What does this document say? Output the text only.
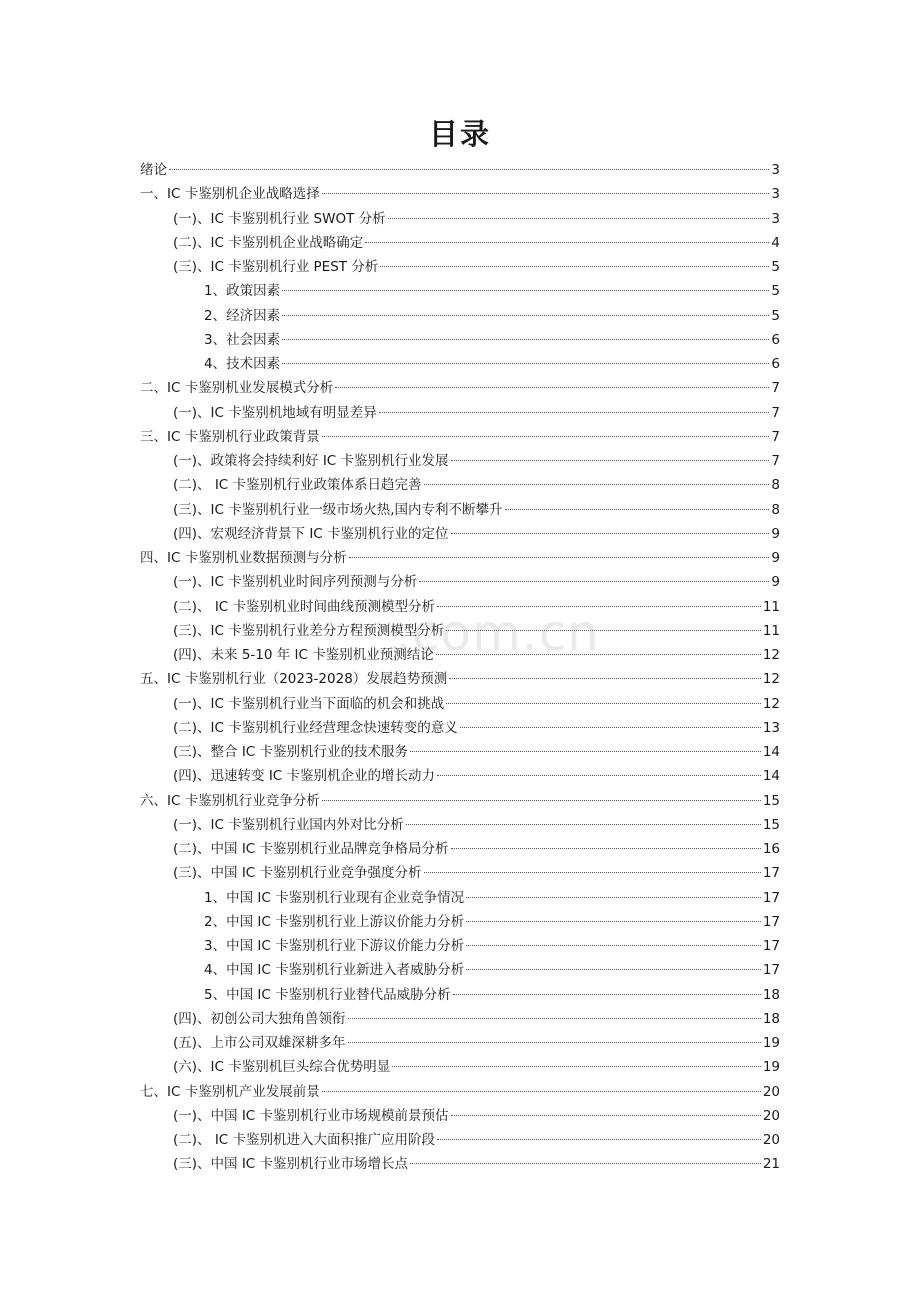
目录
.com.cn
绪论	3
一、IC 卡鉴别机企业战略选择	3
(一)、IC 卡鉴别机行业 SWOT 分析	3
(二)、IC 卡鉴别机企业战略确定	4
(三)、IC 卡鉴别机行业 PEST 分析	5
1、政策因素	5
2、经济因素	5
3、社会因素	6
4、技术因素	6
二、IC 卡鉴别机业发展模式分析	7
(一)、IC 卡鉴别机地域有明显差异	7
三、IC 卡鉴别机行业政策背景	7
(一)、政策将会持续利好 IC 卡鉴别机行业发展	7
(二)、 IC 卡鉴别机行业政策体系日趋完善	8
(三)、IC 卡鉴别机行业一级市场火热,国内专利不断攀升	8
(四)、宏观经济背景下 IC 卡鉴别机行业的定位	9
四、IC 卡鉴别机业数据预测与分析	9
(一)、IC 卡鉴别机业时间序列预测与分析	9
(二)、 IC 卡鉴别机业时间曲线预测模型分析	11
(三)、IC 卡鉴别机行业差分方程预测模型分析	11
(四)、未来 5-10 年 IC 卡鉴别机业预测结论	12
五、IC 卡鉴别机行业（2023-2028）发展趋势预测	12
(一)、IC 卡鉴别机行业当下面临的机会和挑战	12
(二)、IC 卡鉴别机行业经营理念快速转变的意义	13
(三)、整合 IC 卡鉴别机行业的技术服务	14
(四)、迅速转变 IC 卡鉴别机企业的增长动力	14
六、IC 卡鉴别机行业竞争分析	15
(一)、IC 卡鉴别机行业国内外对比分析	15
(二)、中国 IC 卡鉴别机行业品牌竞争格局分析	16
(三)、中国 IC 卡鉴别机行业竞争强度分析	17
1、中国 IC 卡鉴别机行业现有企业竞争情况	17
2、中国 IC 卡鉴别机行业上游议价能力分析	17
3、中国 IC 卡鉴别机行业下游议价能力分析	17
4、中国 IC 卡鉴别机行业新进入者威胁分析	17
5、中国 IC 卡鉴别机行业替代品威胁分析	18
(四)、初创公司大独角兽领衔	18
(五)、上市公司双雄深耕多年	19
(六)、IC 卡鉴别机巨头综合优势明显	19
七、IC 卡鉴别机产业发展前景	20
(一)、中国 IC 卡鉴别机行业市场规模前景预估	20
(二)、 IC 卡鉴别机进入大面积推广应用阶段	20
(三)、中国 IC 卡鉴别机行业市场增长点	21
